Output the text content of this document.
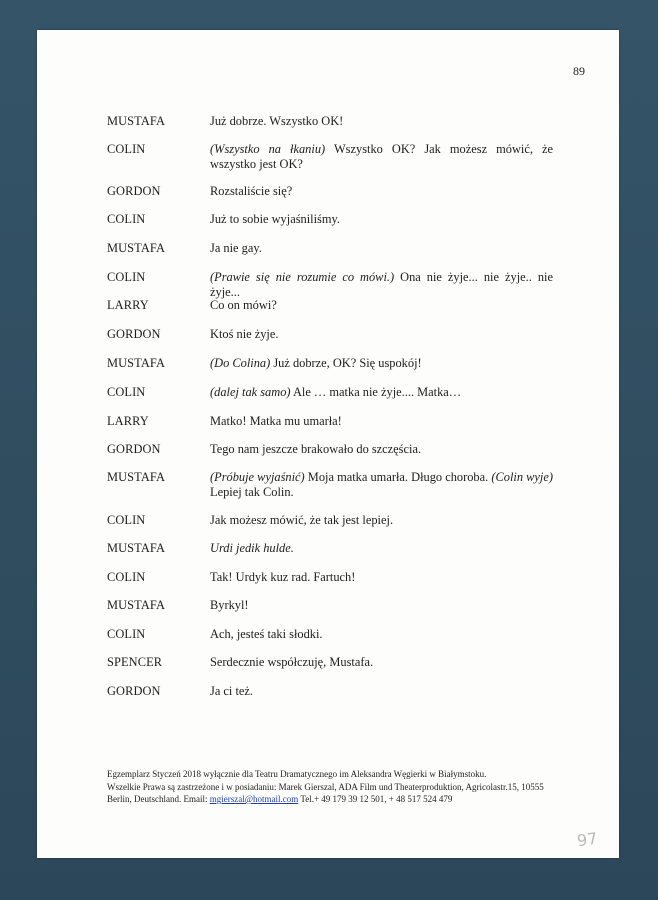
89
MUSTAFA	Już dobrze. Wszystko OK!
COLIN	(Wszystko na łkaniu) Wszystko OK? Jak możesz mówić, że wszystko jest OK?
GORDON	Rozstaliście się?
COLIN	Już to sobie wyjaśniliśmy.
MUSTAFA	Ja nie gay.
COLIN	(Prawie się nie rozumie co mówi.) Ona nie żyje... nie żyje.. nie żyje...
LARRY	Co on mówi?
GORDON	Ktoś nie żyje.
MUSTAFA	(Do Colina) Już dobrze, OK? Się uspokój!
COLIN	(dalej tak samo) Ale … matka nie żyje.... Matka…
LARRY	Matko! Matka mu umarła!
GORDON	Tego nam jeszcze brakowało do szczęścia.
MUSTAFA	(Próbuje wyjaśnić) Moja matka umarła. Długo choroba. (Colin wyje) Lepiej tak Colin.
COLIN	Jak możesz mówić, że tak jest lepiej.
MUSTAFA	Urdi jedik hulde.
COLIN	Tak! Urdyk kuz rad. Fartuch!
MUSTAFA	Byrkyl!
COLIN	Ach, jesteś taki słodki.
SPENCER	Serdecznie współczuję, Mustafa.
GORDON	Ja ci też.
Egzemplarz Styczeń 2018 wyłącznie dla Teatru Dramatycznego im Aleksandra Węgierki w Białymstoku.
Wszelkie Prawa są zastrzeżone i w posiadaniu: Marek Gierszal, ADA Film und Theaterproduktion, Agricolastr.15, 10555
Berlin, Deutschland. Email: mgierszal@hotmail.com Tel.+ 49 179 39 12 501, + 48 517 524 479
97
